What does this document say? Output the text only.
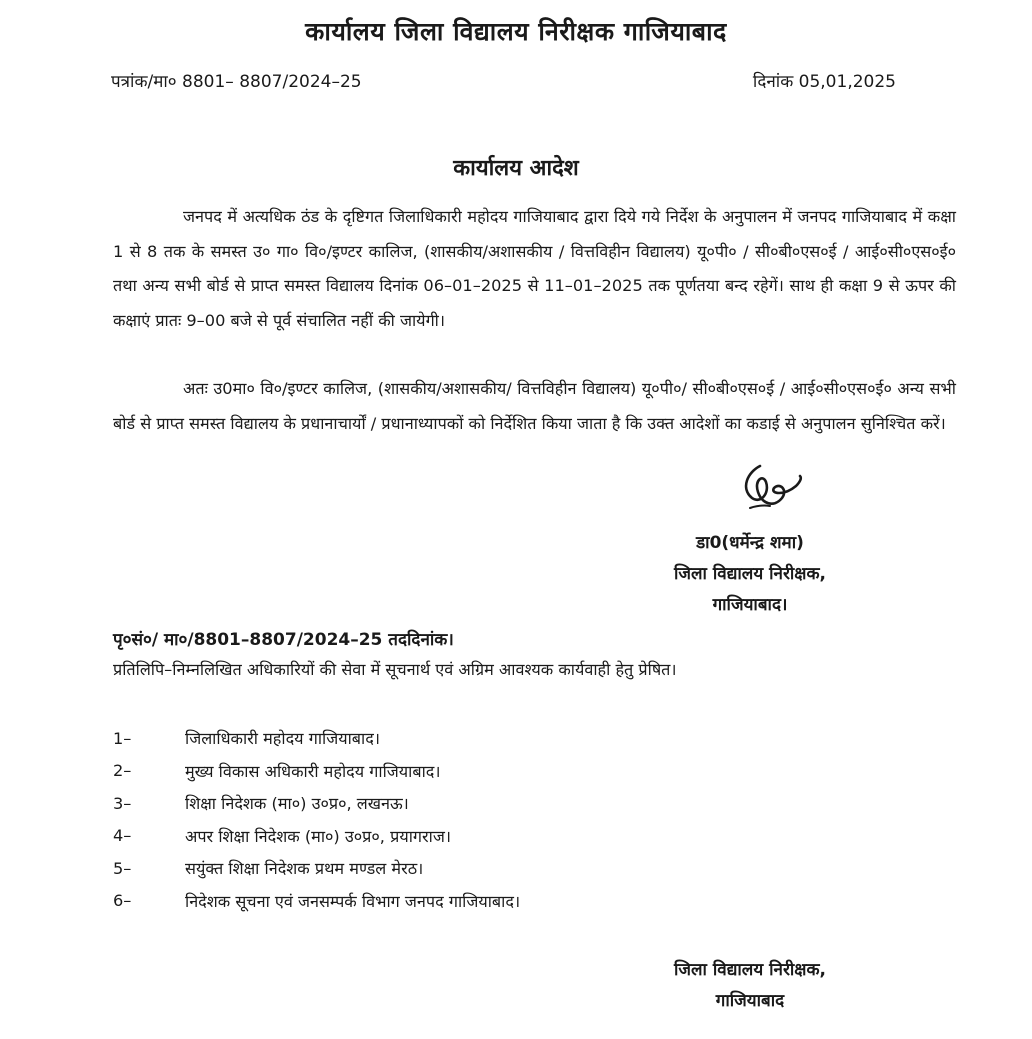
कार्यालय जिला विद्यालय निरीक्षक गाजियाबाद
पत्रांक/मा० 8801– 8807/2024–25	दिनांक 05,01,2025
कार्यालय आदेश

जनपद में अत्यधिक ठंड के दृष्टिगत जिलाधिकारी महोदय गाजियाबाद द्वारा दिये गये निर्देश के अनुपालन में जनपद गाजियाबाद में कक्षा 1 से 8 तक के समस्त उ० गा० वि०/इण्टर कालिज, (शासकीय/अशासकीय / वित्तविहीन विद्यालय) यू०पी० / सी०बी०एस०ई / आई०सी०एस०ई० तथा अन्य सभी बोर्ड से प्राप्त समस्त विद्यालय दिनांक 06–01–2025 से 11–01–2025 तक पूर्णतया बन्द रहेगें। साथ ही कक्षा 9 से ऊपर की कक्षाएं प्रातः 9–00 बजे से पूर्व संचालित नहीं की जायेगी।

अतः उ0मा० वि०/इण्टर कालिज, (शासकीय/अशासकीय/ वित्तविहीन विद्यालय) यू०पी०/ सी०बी०एस०ई / आई०सी०एस०ई० अन्य सभी बोर्ड से प्राप्त समस्त विद्यालय के प्रधानाचार्यों / प्रधानाध्यापकों को निर्देशित किया जाता है कि उक्त आदेशों का कडाई से अनुपालन सुनिश्चित करें।

डा0(धर्मेन्द्र शमा)
जिला विद्यालय निरीक्षक,
गाजियाबाद।
पृ०सं०/ मा०/8801–8807/2024–25 तददिनांक।
प्रतिलिपि–निम्नलिखित अधिकारियों की सेवा में सूचनार्थ एवं अग्रिम आवश्यक कार्यवाही हेतु प्रेषित।
1–	जिलाधिकारी महोदय गाजियाबाद।
2–	मुख्य विकास अधिकारी महोदय गाजियाबाद।
3–	शिक्षा निदेशक (मा०) उ०प्र०, लखनऊ।
4–	अपर शिक्षा निदेशक (मा०) उ०प्र०, प्रयागराज।
5–	सयुंक्त शिक्षा निदेशक प्रथम मण्डल मेरठ।
6–	निदेशक सूचना एवं जनसम्पर्क विभाग जनपद गाजियाबाद।
जिला विद्यालय निरीक्षक,
गाजियाबाद
